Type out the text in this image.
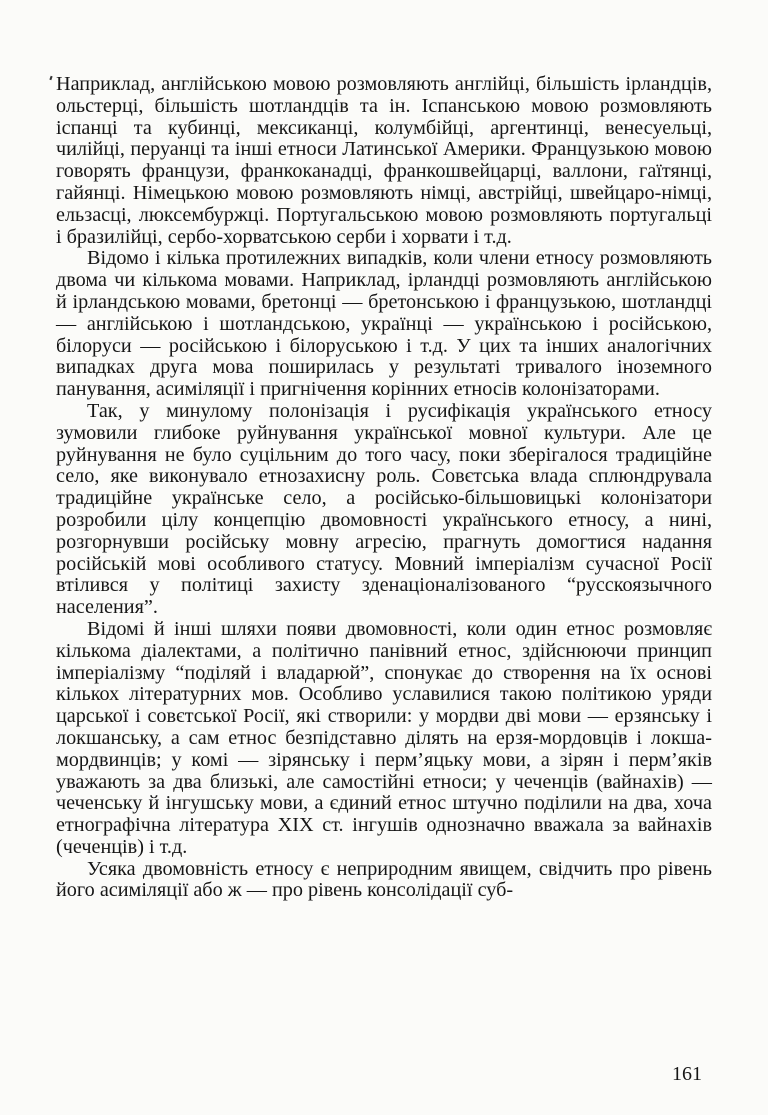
Наприклад, англійською мовою розмовляють англійці, більшість ірландців, ольстерці, більшість шотландців та ін. Іспанською мовою розмовляють іспанці та кубинці, мексиканці, колумбійці, аргентинці, венесуельці, чилійці, перуанці та інші етноси Латинської Америки. Французькою мовою говорять французи, франкоканадці, франкошвейцарці, валлони, гаїтянці, гайянці. Німецькою мовою розмовляють німці, австрійці, швейцаро-німці, ельзасці, люксембуржці. Португальською мовою розмовляють португальці і бразилійці, сербо-хорватською серби і хорвати і т.д.

Відомо і кілька протилежних випадків, коли члени етносу розмовляють двома чи кількома мовами. Наприклад, ірландці розмовляють англійською й ірландською мовами, бретонці — бретонською і французькою, шотландці — англійською і шотландською, українці — українською і російською, білоруси — російською і білоруською і т.д. У цих та інших аналогічних випадках друга мова поширилась у результаті тривалого іноземного панування, асиміляції і пригнічення корінних етносів колонізаторами.

Так, у минулому полонізація і русифікація українського етносу зумовили глибоке руйнування української мовної культури. Але це руйнування не було суцільним до того часу, поки зберігалося традиційне село, яке виконувало етнозахисну роль. Совєтська влада сплюндрувала традиційне українське село, а російсько-більшовицькі колонізатори розробили цілу концепцію двомовності українського етносу, а нині, розгорнувши російську мовну агресію, прагнуть домогтися надання російській мові особливого статусу. Мовний імперіалізм сучасної Росії втілився у політиці захисту зденаціоналізованого “русскоязычного населения”.

Відомі й інші шляхи появи двомовності, коли один етнос розмовляє кількома діалектами, а політично панівний етнос, здійснюючи принцип імперіалізму “поділяй і владарюй”, спонукає до створення на їх основі кількох літературних мов. Особливо уславилися такою політикою уряди царської і совєтської Росії, які створили: у мордви дві мови — ерзянську і локшанську, а сам етнос безпідставно ділять на ерзя-мордовців і локша-мордвинців; у комі — зірянську і перм’яцьку мови, а зірян і перм’яків уважають за два близькі, але самостійні етноси; у чеченців (вайнахів) — чеченську й інгушську мови, а єдиний етнос штучно поділили на два, хоча етнографічна література XIX ст. інгушів однозначно вважала за вайнахів (чеченців) і т.д.

Усяка двомовність етносу є неприродним явищем, свідчить про рівень його асиміляції або ж — про рівень консолідації суб-

161
